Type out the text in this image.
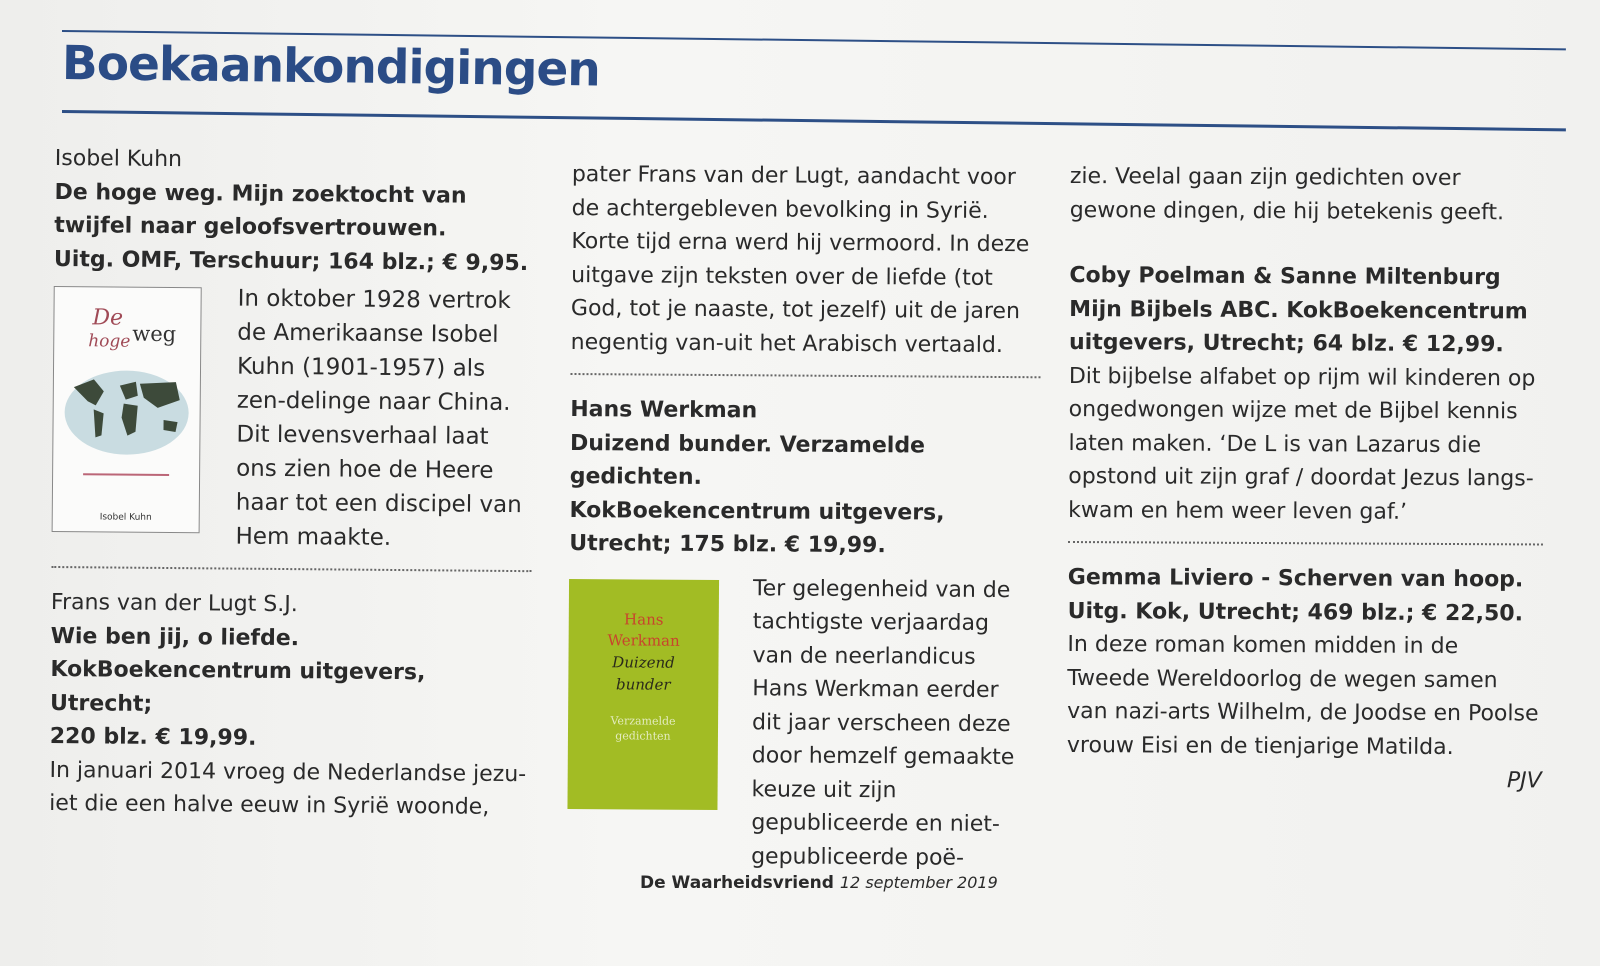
Boekaankondigingen

Isobel Kuhn

De hoge weg. Mijn zoektocht van twijfel naar geloofsvertrouwen.

Uitg. OMF, Terschuur; 164 blz.; € 9,95.

De
hoge weg
Isobel Kuhn

In oktober 1928 vertrok de Amerikaanse Isobel Kuhn (1901-1957) als zen-delinge naar China. Dit levensverhaal laat ons zien hoe de Heere haar tot een discipel van Hem maakte.

Frans van der Lugt S.J.

Wie ben jij, o liefde. KokBoekencentrum uitgevers, Utrecht;

220 blz. € 19,99.

In januari 2014 vroeg de Nederlandse jezu-iet die een halve eeuw in Syrië woonde,

pater Frans van der Lugt, aandacht voor de achtergebleven bevolking in Syrië. Korte tijd erna werd hij vermoord. In deze uitgave zijn teksten over de liefde (tot God, tot je naaste, tot jezelf) uit de jaren negentig van-uit het Arabisch vertaald.

Hans Werkman

Duizend bunder. Verzamelde gedichten.

KokBoekencentrum uitgevers, Utrecht; 175 blz. € 19,99.

Hans
Werkman
Duizend
bunder
Verzamelde
gedichten

Ter gelegenheid van de tachtigste verjaardag van de neerlandicus Hans Werkman eerder dit jaar verscheen deze door hemzelf gemaakte keuze uit zijn gepubliceerde en niet-gepubliceerde poë-

zie. Veelal gaan zijn gedichten over gewone dingen, die hij betekenis geeft.

Coby Poelman & Sanne Miltenburg

Mijn Bijbels ABC. KokBoekencentrum uitgevers, Utrecht; 64 blz. € 12,99.

Dit bijbelse alfabet op rijm wil kinderen op ongedwongen wijze met de Bijbel kennis laten maken. ‘De L is van Lazarus die opstond uit zijn graf / doordat Jezus langs-kwam en hem weer leven gaf.’

Gemma Liviero - Scherven van hoop. Uitg. Kok, Utrecht; 469 blz.; € 22,50.

In deze roman komen midden in de Tweede Wereldoorlog de wegen samen van nazi-arts Wilhelm, de Joodse en Poolse vrouw Eisi en de tienjarige Matilda.

PJV

De Waarheidsvriend 12 september 2019
